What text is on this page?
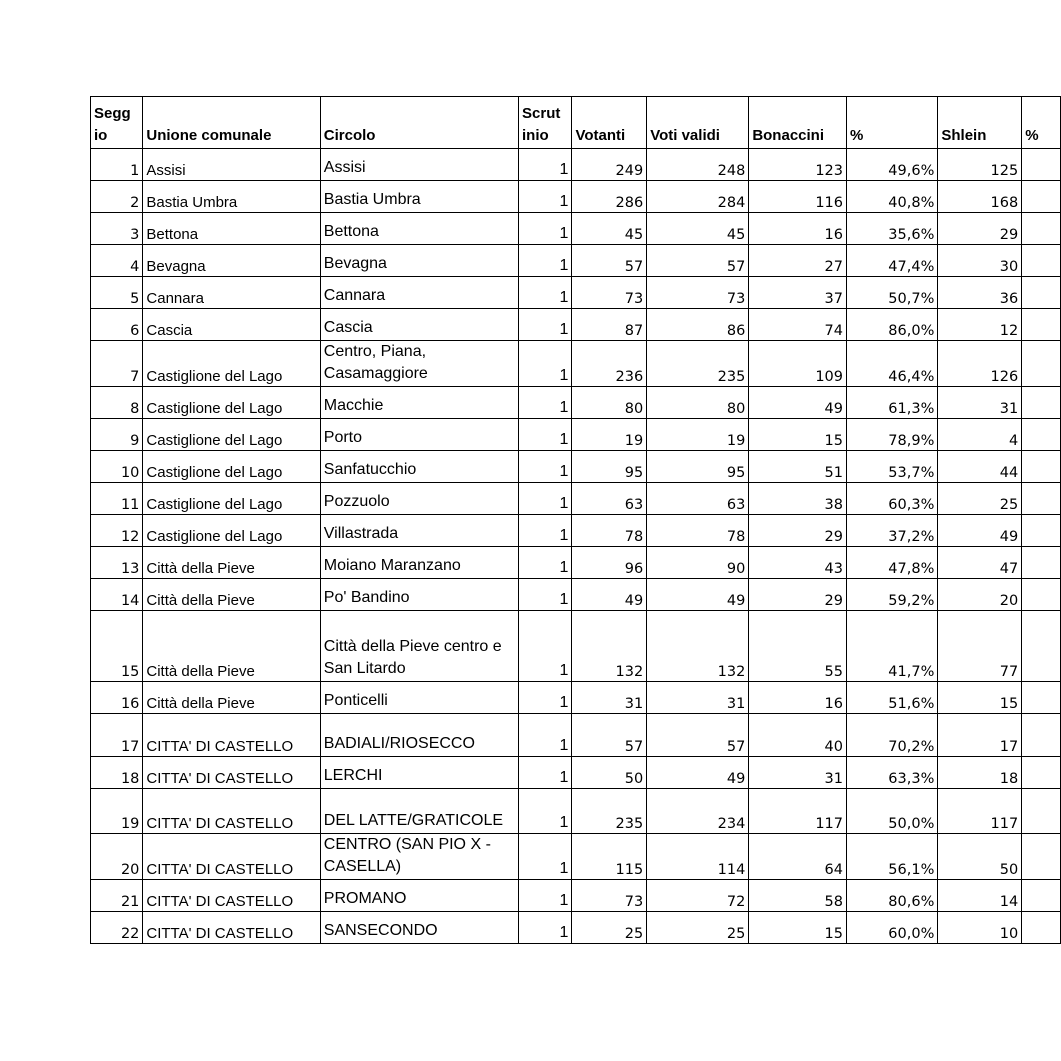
Segg io	Unione comunale	Circolo	Scrut inio	Votanti	Voti validi	Bonaccini	%	Shlein	%
1	Assisi	Assisi	1	249	248	123	49,6%	125	
2	Bastia Umbra	Bastia Umbra	1	286	284	116	40,8%	168	
3	Bettona	Bettona	1	45	45	16	35,6%	29	
4	Bevagna	Bevagna	1	57	57	27	47,4%	30	
5	Cannara	Cannara	1	73	73	37	50,7%	36	
6	Cascia	Cascia	1	87	86	74	86,0%	12	
7	Castiglione del Lago	Centro, Piana, Casamaggiore	1	236	235	109	46,4%	126	
8	Castiglione del Lago	Macchie	1	80	80	49	61,3%	31	
9	Castiglione del Lago	Porto	1	19	19	15	78,9%	4	
10	Castiglione del Lago	Sanfatucchio	1	95	95	51	53,7%	44	
11	Castiglione del Lago	Pozzuolo	1	63	63	38	60,3%	25	
12	Castiglione del Lago	Villastrada	1	78	78	29	37,2%	49	
13	Città della Pieve	Moiano Maranzano	1	96	90	43	47,8%	47	
14	Città della Pieve	Po' Bandino	1	49	49	29	59,2%	20	
15	Città della Pieve	Città della Pieve centro e San Litardo	1	132	132	55	41,7%	77	
16	Città della Pieve	Ponticelli	1	31	31	16	51,6%	15	
17	CITTA' DI CASTELLO	BADIALI/RIOSECCO	1	57	57	40	70,2%	17	
18	CITTA' DI CASTELLO	LERCHI	1	50	49	31	63,3%	18	
19	CITTA' DI CASTELLO	DEL LATTE/GRATICOLE	1	235	234	117	50,0%	117	
20	CITTA' DI CASTELLO	CENTRO (SAN PIO X - CASELLA)	1	115	114	64	56,1%	50	
21	CITTA' DI CASTELLO	PROMANO	1	73	72	58	80,6%	14	
22	CITTA' DI CASTELLO	SANSECONDO	1	25	25	15	60,0%	10	
